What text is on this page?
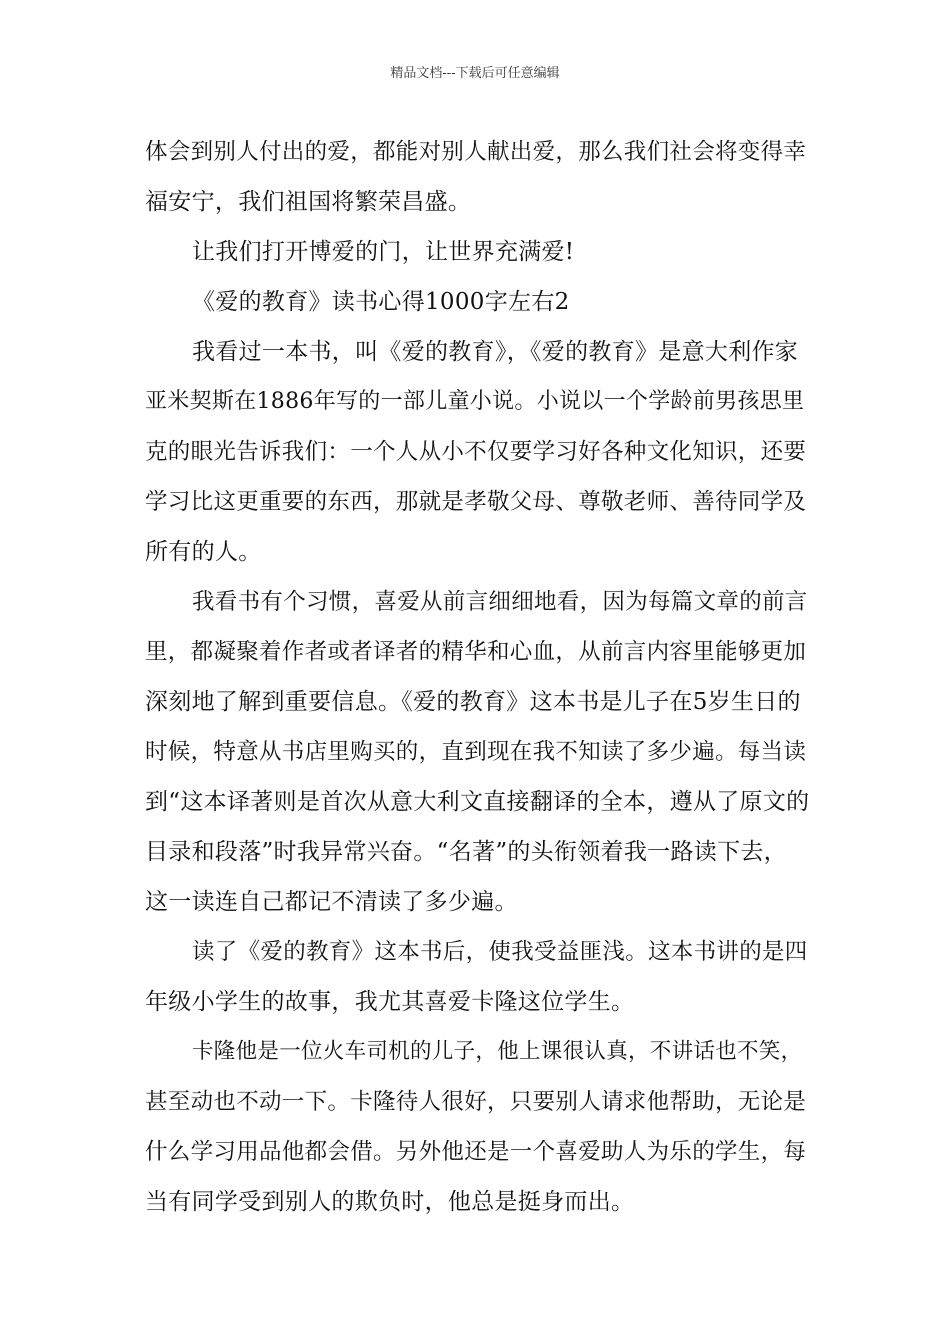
精品文档---下载后可任意编辑
体会到别人付出的爱，都能对别人献出爱，那么我们社会将变得幸
福安宁，我们祖国将繁荣昌盛。
让我们打开博爱的门，让世界充满爱!
《爱的教育》读书心得1000字左右2
我看过一本书，叫《爱的教育》，《爱的教育》是意大利作家
亚米契斯在1886年写的一部儿童小说。小说以一个学龄前男孩思里
克的眼光告诉我们：一个人从小不仅要学习好各种文化知识，还要
学习比这更重要的东西，那就是孝敬父母、尊敬老师、善待同学及
所有的人。
我看书有个习惯，喜爱从前言细细地看，因为每篇文章的前言
里，都凝聚着作者或者译者的精华和心血，从前言内容里能够更加
深刻地了解到重要信息。《爱的教育》这本书是儿子在5岁生日的
时候，特意从书店里购买的，直到现在我不知读了多少遍。每当读
到“这本译著则是首次从意大利文直接翻译的全本，遵从了原文的
目录和段落”时我异常兴奋。“名著”的头衔领着我一路读下去，
这一读连自己都记不清读了多少遍。
读了《爱的教育》这本书后，使我受益匪浅。这本书讲的是四
年级小学生的故事，我尤其喜爱卡隆这位学生。
卡隆他是一位火车司机的儿子，他上课很认真，不讲话也不笑，
甚至动也不动一下。卡隆待人很好，只要别人请求他帮助，无论是
什么学习用品他都会借。另外他还是一个喜爱助人为乐的学生，每
当有同学受到别人的欺负时，他总是挺身而出。
